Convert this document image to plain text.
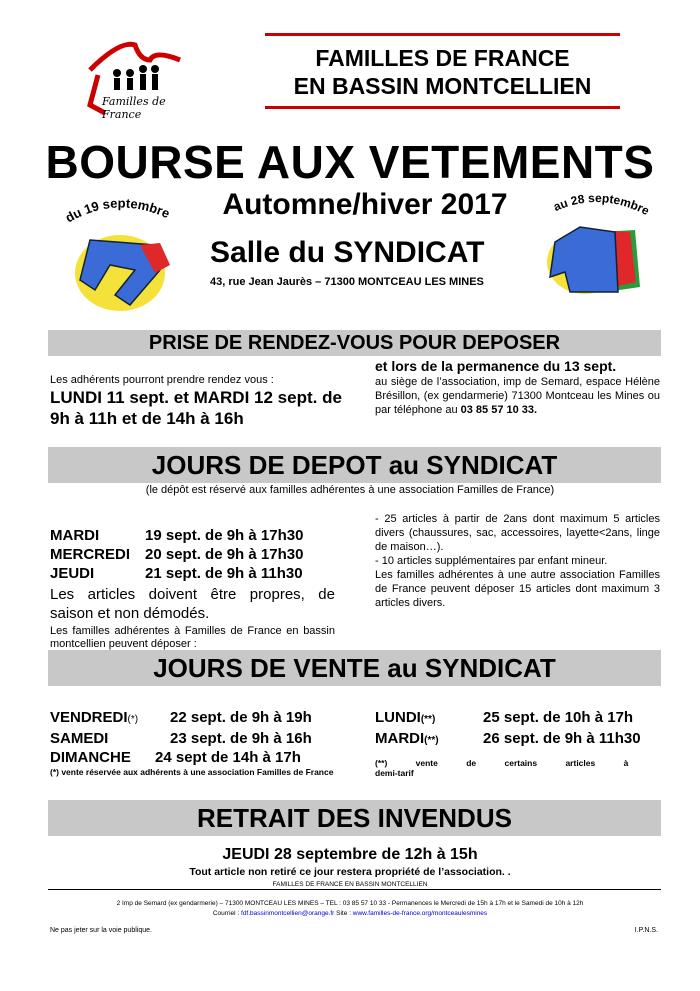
Familles de France
FAMILLES DE FRANCE
EN BASSIN MONTCELLIEN
BOURSE AUX VETEMENTS
Automne/hiver 2017
Salle du SYNDICAT
43, rue Jean Jaurès – 71300 MONTCEAU LES MINES
du 19 septembre	au 28 septembre
PRISE DE RENDEZ-VOUS POUR DEPOSER
Les adhérents pourront prendre rendez vous :
LUNDI 11 sept. et MARDI 12 sept. de 9h à 11h et de 14h à 16h
et lors de la permanence du 13 sept.
au siège de l’association, imp de Semard, espace Hélène Brésillon, (ex gendarmerie) 71300 Montceau les Mines ou par téléphone au 03 85 57 10 33.
JOURS DE DEPOT au SYNDICAT
(le dépôt est réservé aux familles adhérentes à une association Familles de France)
MARDI	19 sept. de 9h à 17h30
MERCREDI 20 sept. de 9h à 17h30
JEUDI	21 sept. de 9h à 11h30
Les articles doivent être propres, de saison et non démodés.
Les familles adhérentes à Familles de France en bassin montcellien peuvent déposer :
- 25 articles à partir de 2ans dont maximum 5 articles divers (chaussures, sac, accessoires, layette<2ans, linge de maison…).
- 10 articles supplémentaires par enfant mineur.
Les familles adhérentes à une autre association Familles de France peuvent déposer 15 articles dont maximum 3 articles divers.
JOURS DE VENTE au SYNDICAT
VENDREDI(*)	22 sept. de 9h à 19h
SAMEDI	23 sept. de 9h à 16h
DIMANCHE	24 sept de 14h à 17h
(*) vente réservée aux adhérents à une association Familles de France
LUNDI(**)	25 sept. de 10h à 17h
MARDI(**)	26 sept. de 9h à 11h30
(**) vente de certains articles à demi-tarif
RETRAIT DES INVENDUS
JEUDI 28 septembre de 12h à 15h
Tout article non retiré ce jour restera propriété de l’association. .
FAMILLES DE FRANCE EN BASSIN MONTCELLIEN
2 Imp de Semard (ex gendarmerie) – 71300 MONTCEAU LES MINES – TEL : 03 85 57 10 33 - Permanences le Mercredi de 15h à 17h et le Samedi de 10h à 12h
Courriel : fdf.bassinmontcellien@orange.fr Site : www.familles-de-france.org/montceaulesmines
Ne pas jeter sur la voie publique.	I.P.N.S.
